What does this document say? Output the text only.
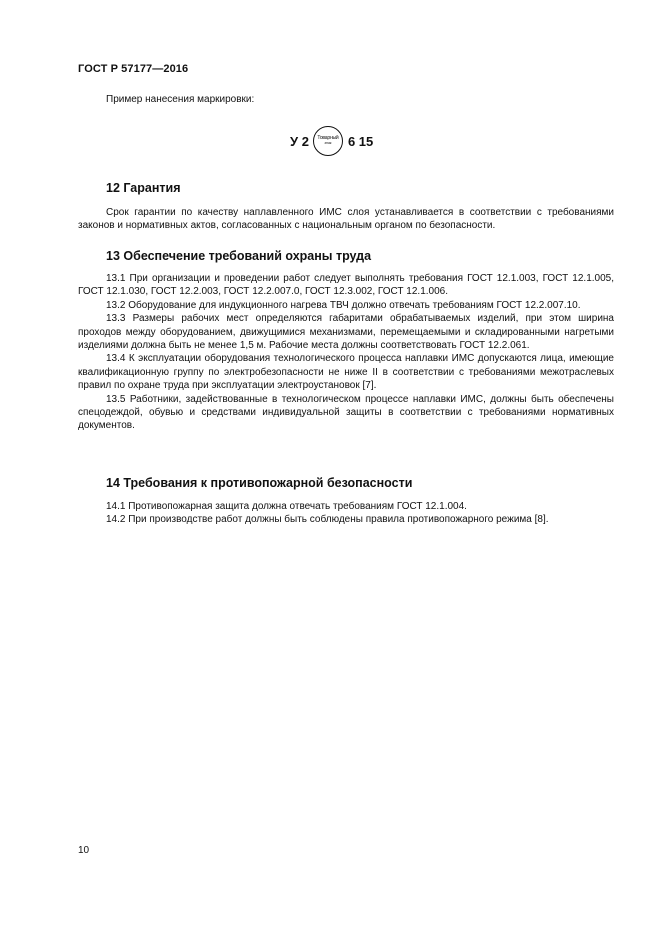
ГОСТ Р 57177—2016
Пример нанесения маркировки:
У 2 Товарный
знак 6 15
12 Гарантия

Срок гарантии по качеству наплавленного ИМС слоя устанавливается в соответствии с требованиями законов и нормативных актов, согласованных с национальным органом по безопасности.

13 Обеспечение требований охраны труда

13.1 При организации и проведении работ следует выполнять требования ГОСТ 12.1.003, ГОСТ 12.1.005, ГОСТ 12.1.030, ГОСТ 12.2.003, ГОСТ 12.2.007.0, ГОСТ 12.3.002, ГОСТ 12.1.006.

13.2 Оборудование для индукционного нагрева ТВЧ должно отвечать требованиям ГОСТ 12.2.007.10.

13.3 Размеры рабочих мест определяются габаритами обрабатываемых изделий, при этом ширина проходов между оборудованием, движущимися механизмами, перемещаемыми и складированными нагретыми изделиями должна быть не менее 1,5 м. Рабочие места должны соответствовать ГОСТ 12.2.061.

13.4 К эксплуатации оборудования технологического процесса наплавки ИМС допускаются лица, имеющие квалификационную группу по электробезопасности не ниже II в соответствии с требованиями межотраслевых правил по охране труда при эксплуатации электроустановок [7].

13.5 Работники, задействованные в технологическом процессе наплавки ИМС, должны быть обеспечены спецодеждой, обувью и средствами индивидуальной защиты в соответствии с требованиями нормативных документов.

14 Требования к противопожарной безопасности

14.1 Противопожарная защита должна отвечать требованиям ГОСТ 12.1.004.

14.2 При производстве работ должны быть соблюдены правила противопожарного режима [8].

10
